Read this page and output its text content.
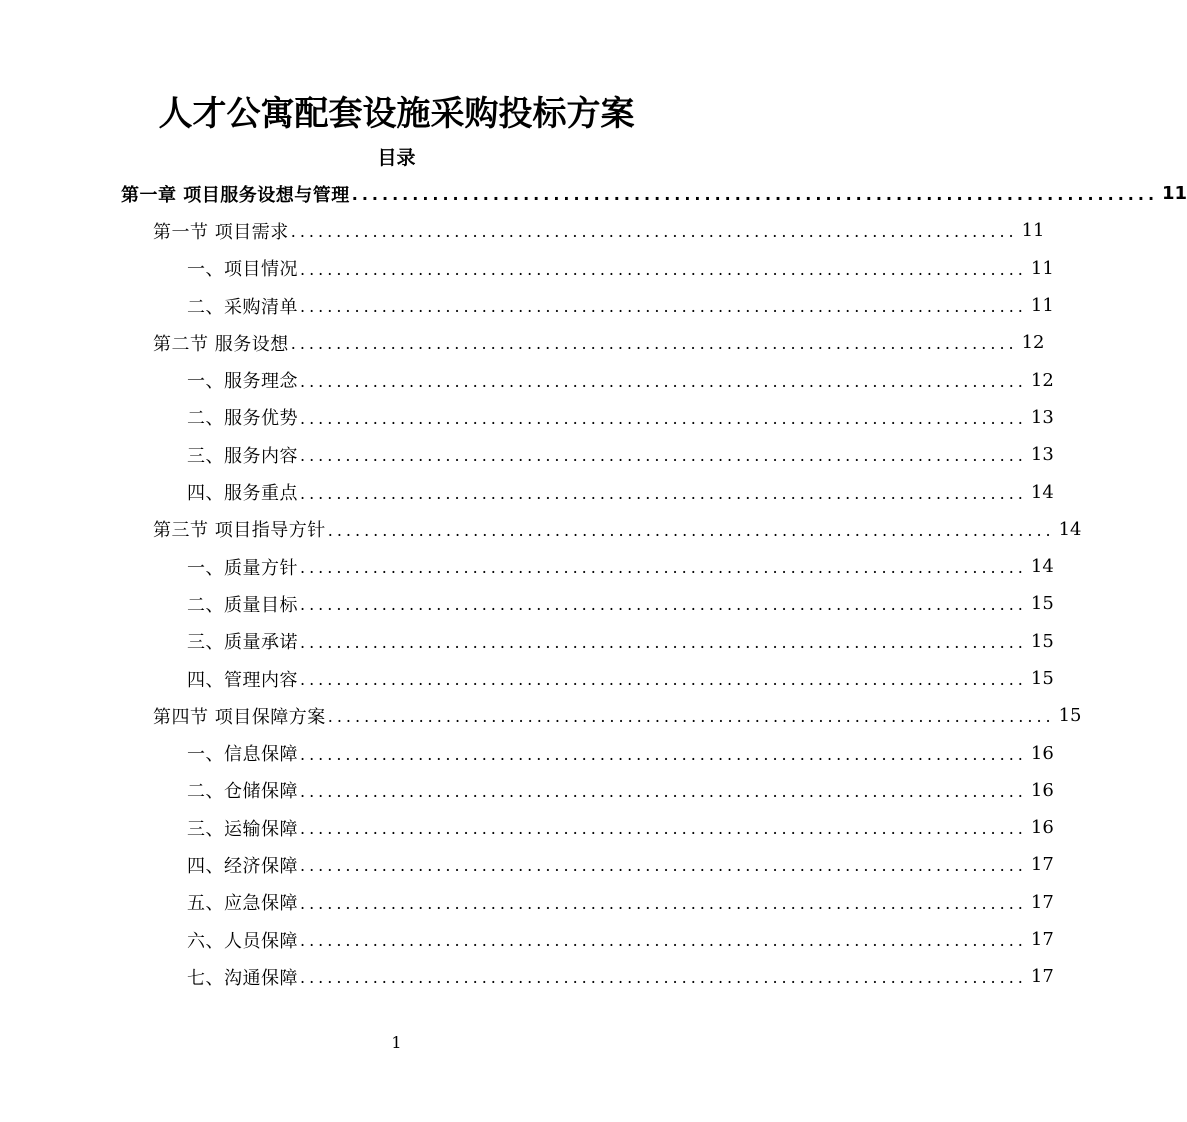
人才公寓配套设施采购投标方案
目录
第一章 项目服务设想与管理 ................................................................................ 11
第一节 项目需求 ................................................................................ 11
一、项目情况 ................................................................................ 11
二、采购清单 ................................................................................ 11
第二节 服务设想 ................................................................................ 12
一、服务理念 ................................................................................ 12
二、服务优势 ................................................................................ 13
三、服务内容 ................................................................................ 13
四、服务重点 ................................................................................ 14
第三节 项目指导方针 ................................................................................ 14
一、质量方针 ................................................................................ 14
二、质量目标 ................................................................................ 15
三、质量承诺 ................................................................................ 15
四、管理内容 ................................................................................ 15
第四节 项目保障方案 ................................................................................ 15
一、信息保障 ................................................................................ 16
二、仓储保障 ................................................................................ 16
三、运输保障 ................................................................................ 16
四、经济保障 ................................................................................ 17
五、应急保障 ................................................................................ 17
六、人员保障 ................................................................................ 17
七、沟通保障 ................................................................................ 17
1
